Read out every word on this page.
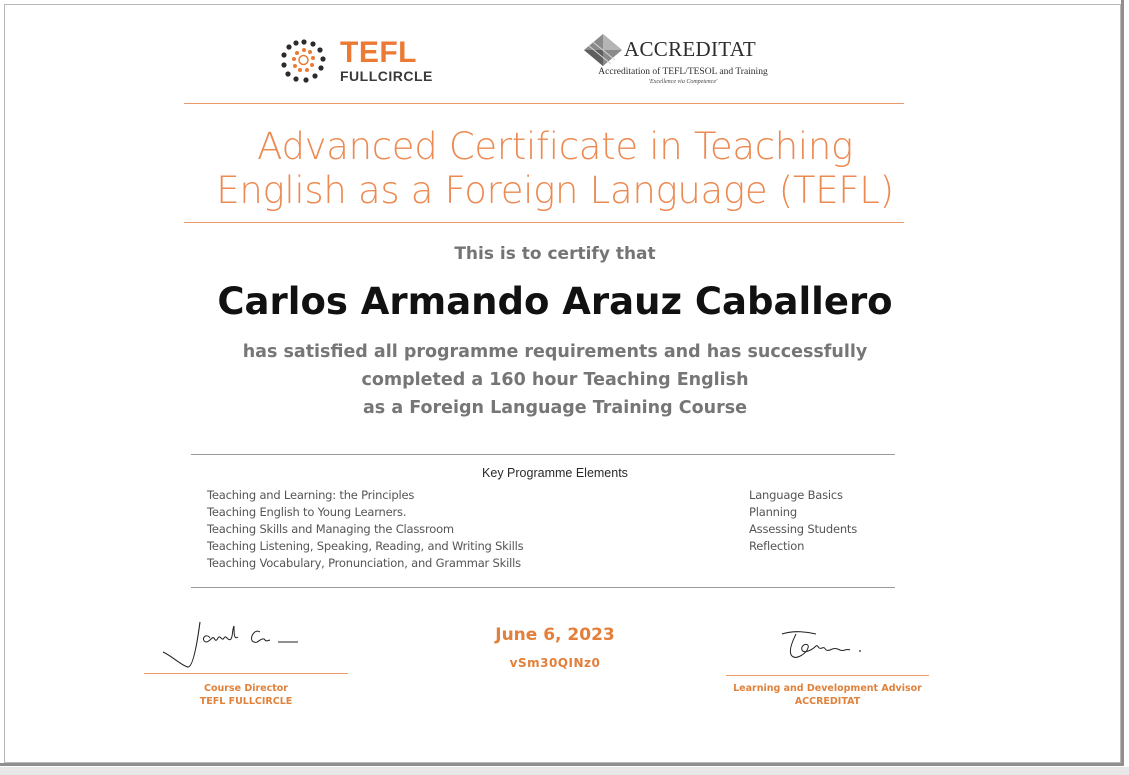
TEFL
FULLCIRCLE
ACCREDITAT
Accreditation of TEFL/TESOL and Training
'Excellence via Competence'
Advanced Certificate in Teaching
English as a Foreign Language (TEFL)
This is to certify that
Carlos Armando Arauz Caballero
has satisfied all programme requirements and has successfully
completed a 160 hour Teaching English
as a Foreign Language Training Course
Key Programme Elements
Teaching and Learning: the Principles
Teaching English to Young Learners.
Teaching Skills and Managing the Classroom
Teaching Listening, Speaking, Reading, and Writing Skills
Teaching Vocabulary, Pronunciation, and Grammar Skills
Language Basics
Planning
Assessing Students
Reflection
Course Director
TEFL FULLCIRCLE
June 6, 2023
vSm30QINz0
Learning and Development Advisor
ACCREDITAT
